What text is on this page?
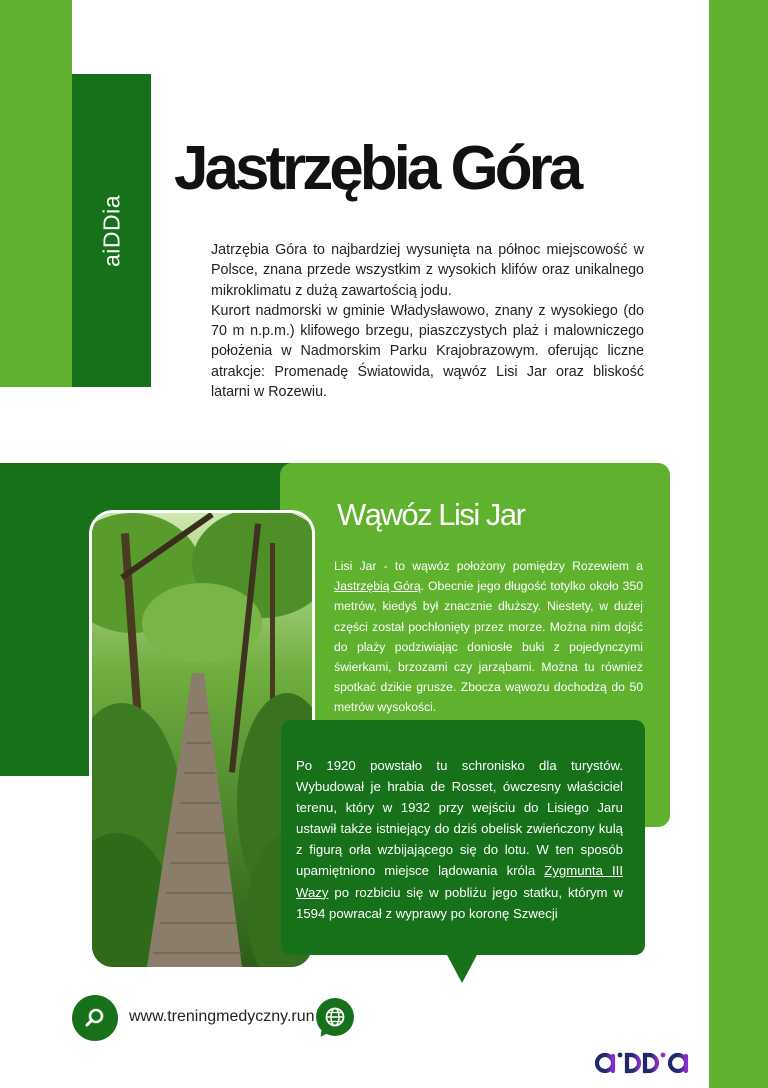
aiDDia
Jastrzębia Góra

Jatrzębia Góra to najbardziej wysunięta na północ miejscowość w Polsce, znana przede wszystkim z wysokich klifów oraz unikalnego mikroklimatu z dużą zawartością jodu.

Kurort nadmorski w gminie Władysławowo, znany z wysokiego (do 70 m n.p.m.) klifowego brzegu, piaszczystych plaż i malowniczego położenia w Nadmorskim Parku Krajobrazowym. oferując liczne atrakcje: Promenadę Światowida, wąwóz Lisi Jar oraz bliskość latarni w Rozewiu.

Wąwóz Lisi Jar

Lisi Jar - to wąwóz położony pomiędzy Rozewiem a Jastrzębią Górą. Obecnie jego długość totylko około 350 metrów, kiedyś był znacznie dłuższy. Niestety, w dużej części został pochłonięty przez morze. Można nim dojść do plaży podziwiając doniosłe buki z pojedynczymi świerkami, brzozami czy jarząbami. Można tu również spotkać dzikie grusze. Zbocza wąwozu dochodzą do 50 metrów wysokości.

Po 1920 powstało tu schronisko dla turystów. Wybudował je hrabia de Rosset, ówczesny właściciel terenu, który w 1932 przy wejściu do Lisiego Jaru ustawił także istniejący do dziś obelisk zwieńczony kulą z figurą orła wzbijającego się do lotu. W ten sposób upamiętniono miejsce lądowania króla Zygmunta III Wazy po rozbiciu się w pobliżu jego statku, którym w 1594 powracał z wyprawy po koronę Szwecji

www.treningmedyczny.run
